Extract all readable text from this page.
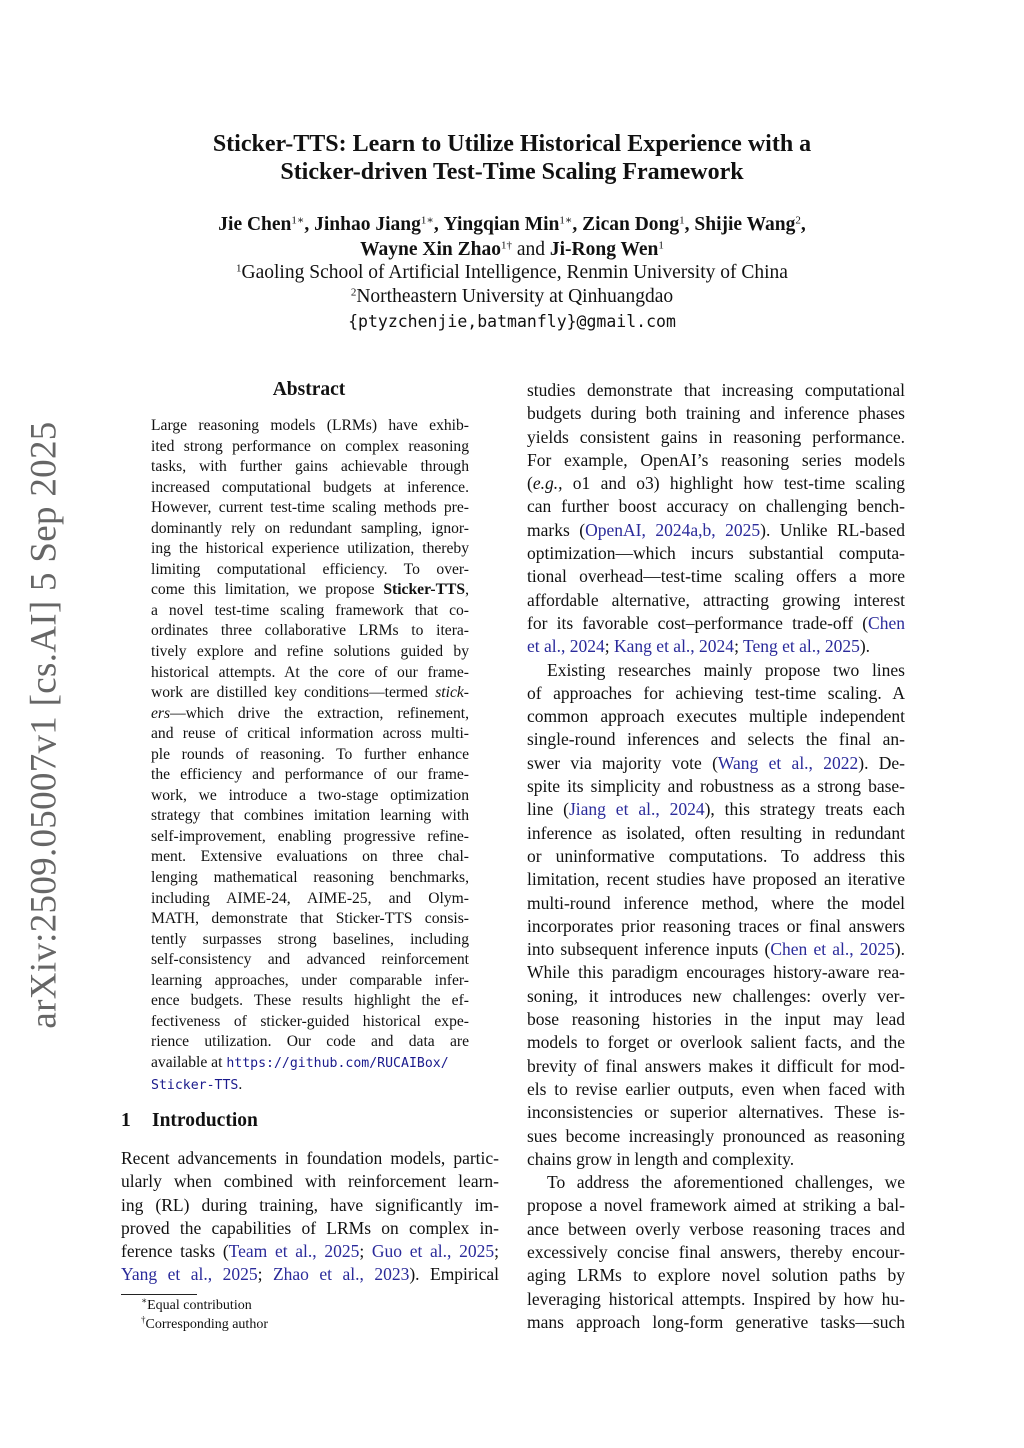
arXiv:2509.05007v1 [cs.AI] 5 Sep 2025
Sticker-TTS: Learn to Utilize Historical Experience with a
Sticker-driven Test-Time Scaling Framework
Jie Chen$^{1∗}$, Jinhao Jiang$^{1∗}$, Yingqian Min$^{1∗}$, Zican Dong$^1$, Shijie Wang$^2$,
Wayne Xin Zhao$^{1\dagger}$ and Ji-Rong Wen$^1$
$^1$Gaoling School of Artificial Intelligence, Renmin University of China
$^2$Northeastern University at Qinhuangdao
{ptyzchenjie,batmanfly}@gmail.com
Abstract
Large reasoning models (LRMs) have exhib-
ited strong performance on complex reasoning
tasks, with further gains achievable through
increased computational budgets at inference.
However, current test-time scaling methods pre-
dominantly rely on redundant sampling, ignor-
ing the historical experience utilization, thereby
limiting computational efficiency. To over-
come this limitation, we propose Sticker-TTS,
a novel test-time scaling framework that co-
ordinates three collaborative LRMs to itera-
tively explore and refine solutions guided by
historical attempts. At the core of our frame-
work are distilled key conditions—termed stick-
ers—which drive the extraction, refinement,
and reuse of critical information across multi-
ple rounds of reasoning. To further enhance
the efficiency and performance of our frame-
work, we introduce a two-stage optimization
strategy that combines imitation learning with
self-improvement, enabling progressive refine-
ment. Extensive evaluations on three chal-
lenging mathematical reasoning benchmarks,
including AIME-24, AIME-25, and Olym-
MATH, demonstrate that Sticker-TTS consis-
tently surpasses strong baselines, including
self-consistency and advanced reinforcement
learning approaches, under comparable infer-
ence budgets. These results highlight the ef-
fectiveness of sticker-guided historical expe-
rience utilization. Our code and data are
available at https://github.com/RUCAIBox/
Sticker-TTS.
1 Introduction
Recent advancements in foundation models, partic-
ularly when combined with reinforcement learn-
ing (RL) during training, have significantly im-
proved the capabilities of LRMs on complex in-
ference tasks (Team et al., 2025; Guo et al., 2025;
Yang et al., 2025; Zhao et al., 2023). Empirical
∗Equal contribution
†Corresponding author
studies demonstrate that increasing computational
budgets during both training and inference phases
yields consistent gains in reasoning performance.
For example, OpenAI’s reasoning series models
(e.g., o1 and o3) highlight how test-time scaling
can further boost accuracy on challenging bench-
marks (OpenAI, 2024a,b, 2025). Unlike RL-based
optimization—which incurs substantial computa-
tional overhead—test-time scaling offers a more
affordable alternative, attracting growing interest
for its favorable cost–performance trade-off (Chen
et al., 2024; Kang et al., 2024; Teng et al., 2025).
Existing researches mainly propose two lines
of approaches for achieving test-time scaling. A
common approach executes multiple independent
single-round inferences and selects the final an-
swer via majority vote (Wang et al., 2022). De-
spite its simplicity and robustness as a strong base-
line (Jiang et al., 2024), this strategy treats each
inference as isolated, often resulting in redundant
or uninformative computations. To address this
limitation, recent studies have proposed an iterative
multi-round inference method, where the model
incorporates prior reasoning traces or final answers
into subsequent inference inputs (Chen et al., 2025).
While this paradigm encourages history-aware rea-
soning, it introduces new challenges: overly ver-
bose reasoning histories in the input may lead
models to forget or overlook salient facts, and the
brevity of final answers makes it difficult for mod-
els to revise earlier outputs, even when faced with
inconsistencies or superior alternatives. These is-
sues become increasingly pronounced as reasoning
chains grow in length and complexity.
To address the aforementioned challenges, we
propose a novel framework aimed at striking a bal-
ance between overly verbose reasoning traces and
excessively concise final answers, thereby encour-
aging LRMs to explore novel solution paths by
leveraging historical attempts. Inspired by how hu-
mans approach long-form generative tasks—such
